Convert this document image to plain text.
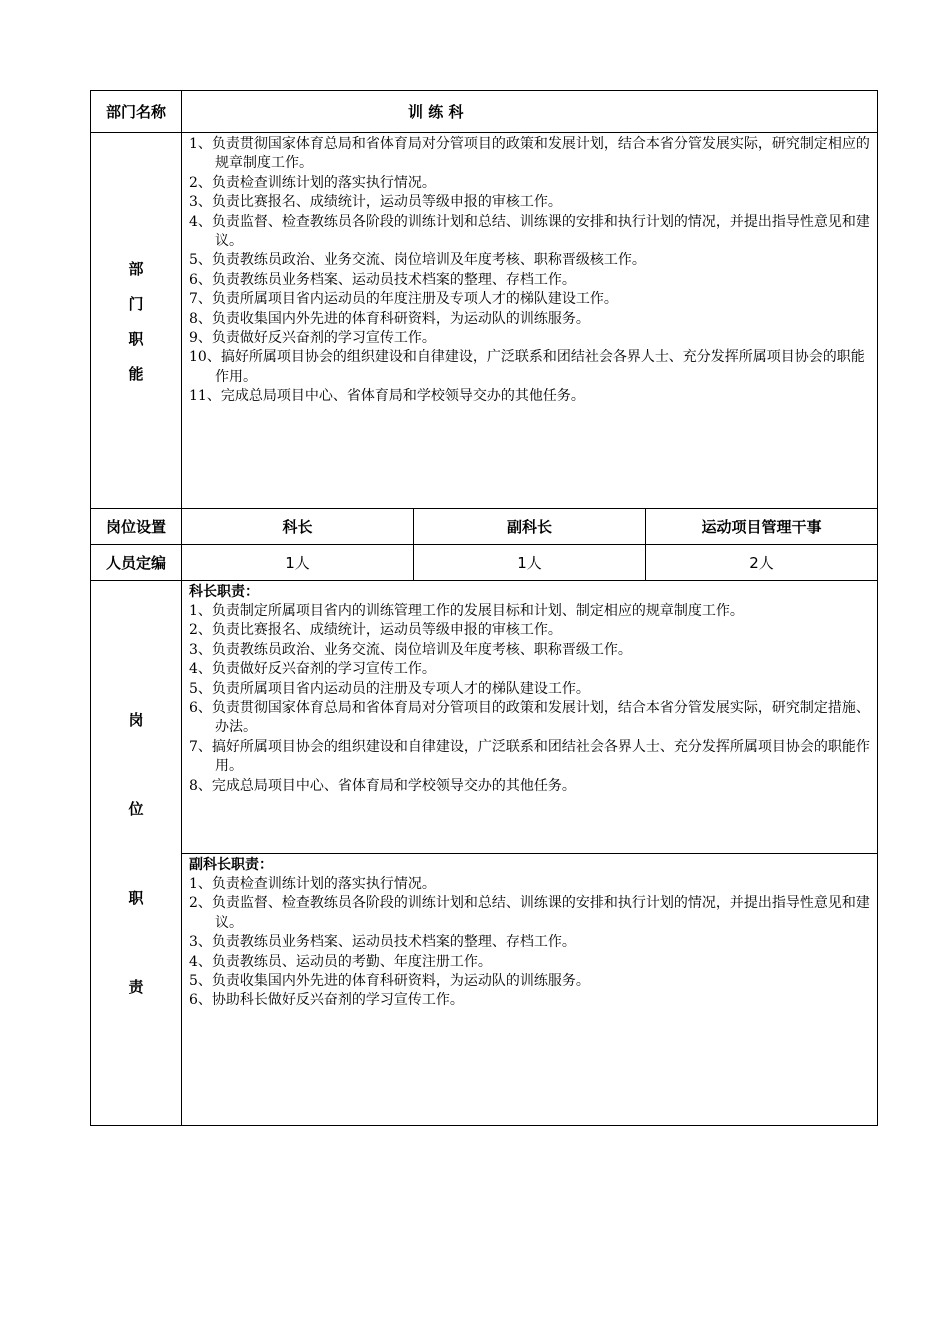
部门名称	训 练 科
部
门
职
能
1、负责贯彻国家体育总局和省体育局对分管项目的政策和发展计划，结合本省分管发展实际，研究制定相应的规章制度工作。
2、负责检查训练计划的落实执行情况。
3、负责比赛报名、成绩统计，运动员等级申报的审核工作。
4、负责监督、检查教练员各阶段的训练计划和总结、训练课的安排和执行计划的情况，并提出指导性意见和建议。
5、负责教练员政治、业务交流、岗位培训及年度考核、职称晋级核工作。
6、负责教练员业务档案、运动员技术档案的整理、存档工作。
7、负责所属项目省内运动员的年度注册及专项人才的梯队建设工作。
8、负责收集国内外先进的体育科研资料，为运动队的训练服务。
9、负责做好反兴奋剂的学习宣传工作。
10、搞好所属项目协会的组织建设和自律建设，广泛联系和团结社会各界人士、充分发挥所属项目协会的职能作用。
11、完成总局项目中心、省体育局和学校领导交办的其他任务。
岗位设置	科长	副科长	运动项目管理干事
人员定编	1人	1人	2人
岗
位
职
责
科长职责：
1、负责制定所属项目省内的训练管理工作的发展目标和计划、制定相应的规章制度工作。
2、负责比赛报名、成绩统计，运动员等级申报的审核工作。
3、负责教练员政治、业务交流、岗位培训及年度考核、职称晋级工作。
4、负责做好反兴奋剂的学习宣传工作。
5、负责所属项目省内运动员的注册及专项人才的梯队建设工作。
6、负责贯彻国家体育总局和省体育局对分管项目的政策和发展计划，结合本省分管发展实际，研究制定措施、办法。
7、搞好所属项目协会的组织建设和自律建设，广泛联系和团结社会各界人士、充分发挥所属项目协会的职能作用。
8、完成总局项目中心、省体育局和学校领导交办的其他任务。
副科长职责：
1、负责检查训练计划的落实执行情况。
2、负责监督、检查教练员各阶段的训练计划和总结、训练课的安排和执行计划的情况，并提出指导性意见和建议。
3、负责教练员业务档案、运动员技术档案的整理、存档工作。
4、负责教练员、运动员的考勤、年度注册工作。
5、负责收集国内外先进的体育科研资料，为运动队的训练服务。
6、协助科长做好反兴奋剂的学习宣传工作。
